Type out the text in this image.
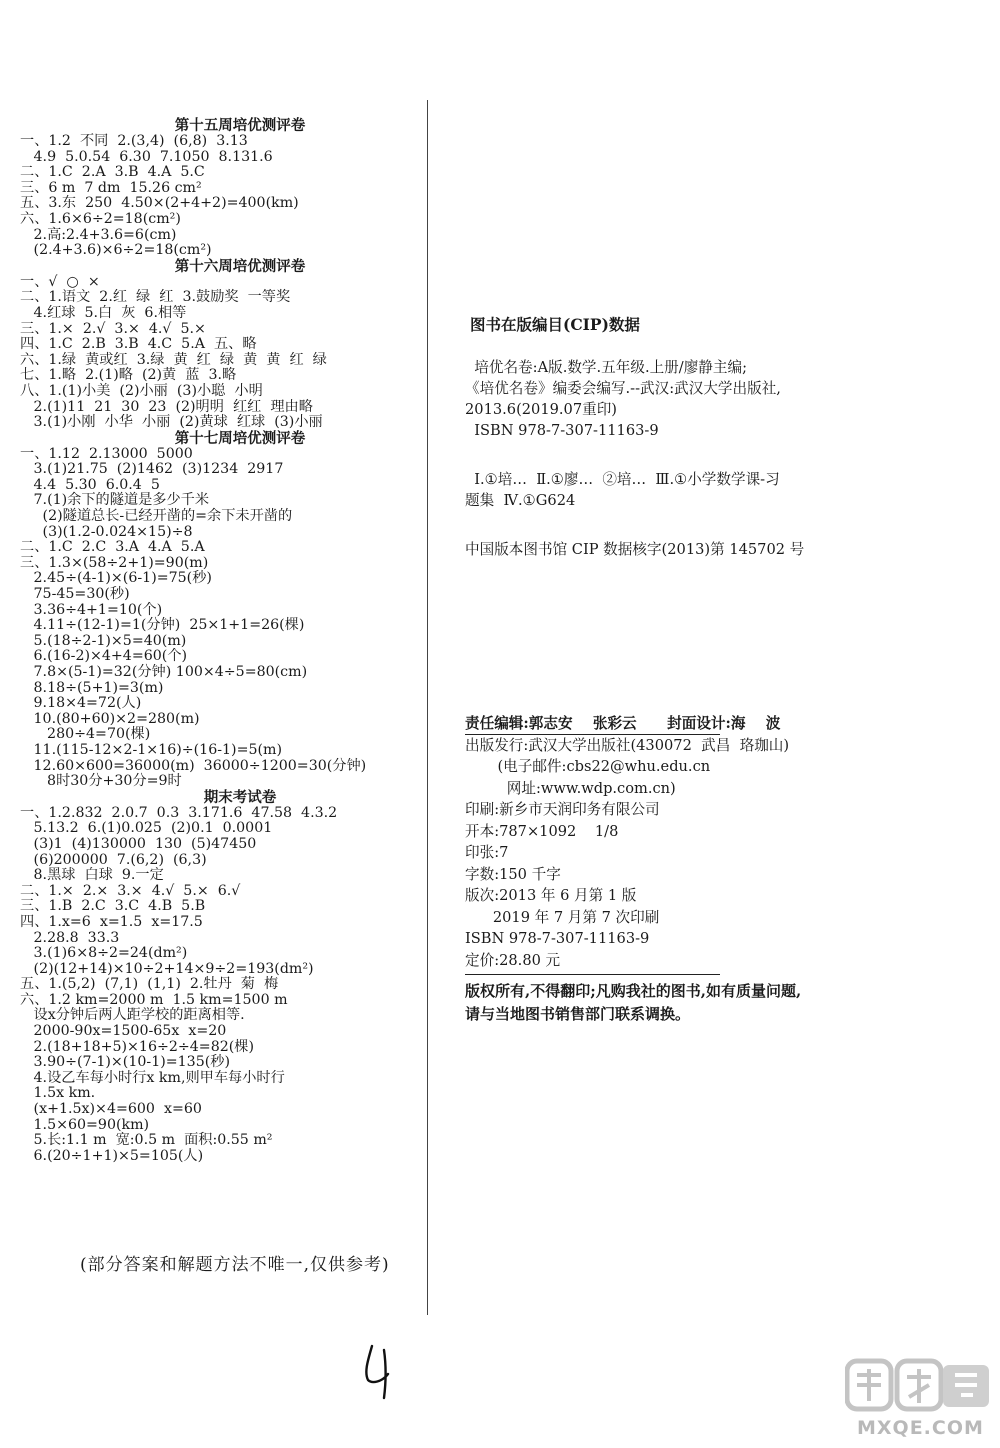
第十五周培优测评卷
一、1.2  不同  2.(3,4)  (6,8)  3.13
4.9  5.0.54  6.30  7.1050  8.131.6
二、1.C  2.A  3.B  4.A  5.C
三、6 m  7 dm  15.26 cm²
五、3.东  250  4.50×(2+4+2)=400(km)
六、1.6×6÷2=18(cm²)
2.高:2.4+3.6=6(cm)
(2.4+3.6)×6÷2=18(cm²)
第十六周培优测评卷
一、√  ○  ×
二、1.语文  2.红  绿  红  3.鼓励奖  一等奖
4.红球  5.白  灰  6.相等
三、1.×  2.√  3.×  4.√  5.×
四、1.C  2.B  3.B  4.C  5.A  五、略
六、1.绿  黄或红  3.绿  黄  红  绿  黄  黄  红  绿
七、1.略  2.(1)略  (2)黄  蓝  3.略
八、1.(1)小美  (2)小丽  (3)小聪  小明
2.(1)11  21  30  23  (2)明明  红红  理由略
3.(1)小刚  小华  小丽  (2)黄球  红球  (3)小丽
第十七周培优测评卷
一、1.12  2.13000  5000
3.(1)21.75  (2)1462  (3)1234  2917
4.4  5.30  6.0.4  5
7.(1)余下的隧道是多少千米
(2)隧道总长-已经开凿的=余下未开凿的
(3)(1.2-0.024×15)÷8
二、1.C  2.C  3.A  4.A  5.A
三、1.3×(58÷2+1)=90(m)
2.45÷(4-1)×(6-1)=75(秒)
75-45=30(秒)
3.36÷4+1=10(个)
4.11÷(12-1)=1(分钟)  25×1+1=26(棵)
5.(18÷2-1)×5=40(m)
6.(16-2)×4+4=60(个)
7.8×(5-1)=32(分钟) 100×4÷5=80(cm)
8.18÷(5+1)=3(m)
9.18×4=72(人)
10.(80+60)×2=280(m)
280÷4=70(棵)
11.(115-12×2-1×16)÷(16-1)=5(m)
12.60×600=36000(m)  36000÷1200=30(分钟)
8时30分+30分=9时
期末考试卷
一、1.2.832  2.0.7  0.3  3.171.6  47.58  4.3.2
5.13.2  6.(1)0.025  (2)0.1  0.0001
(3)1  (4)130000  130  (5)47450
(6)200000  7.(6,2)  (6,3)
8.黑球  白球  9.一定
二、1.×  2.×  3.×  4.√  5.×  6.√
三、1.B  2.C  3.C  4.B  5.B
四、1.x=6  x=1.5  x=17.5
2.28.8  33.3
3.(1)6×8÷2=24(dm²)
(2)(12+14)×10÷2+14×9÷2=193(dm²)
五、1.(5,2)  (7,1)  (1,1)  2.牡丹  菊  梅
六、1.2 km=2000 m  1.5 km=1500 m
设x分钟后两人距学校的距离相等.
2000-90x=1500-65x  x=20
2.(18+18+5)×16÷2÷4=82(棵)
3.90÷(7-1)×(10-1)=135(秒)
4.设乙车每小时行x km,则甲车每小时行
1.5x km.
(x+1.5x)×4=600  x=60
1.5×60=90(km)
5.长:1.1 m  宽:0.5 m  面积:0.55 m²
6.(20÷1+1)×5=105(人)
(部分答案和解题方法不唯一,仅供参考)
图书在版编目(CIP)数据

培优名卷:A版.数学.五年级.上册/廖静主编;

《培优名卷》编委会编写.--武汉:武汉大学出版社,

2013.6(2019.07重印)

ISBN 978-7-307-11163-9

Ⅰ.①培…  Ⅱ.①廖…  ②培…  Ⅲ.①小学数学课-习

题集  Ⅳ.①G624

中国版本图书馆 CIP 数据核字(2013)第 145702 号

责任编辑:郭志安    张彩云      封面设计:海    波
出版发行:武汉大学出版社(430072  武昌  珞珈山)
(电子邮件:cbs22@whu.edu.cn
网址:www.wdp.com.cn)
印刷:新乡市天润印务有限公司
开本:787×1092    1/8
印张:7
字数:150 千字
版次:2013 年 6 月第 1 版
2019 年 7 月第 7 次印刷
ISBN 978-7-307-11163-9
定价:28.80 元
版权所有,不得翻印;凡购我社的图书,如有质量问题,
请与当地图书销售部门联系调换。
MXQE.COM
